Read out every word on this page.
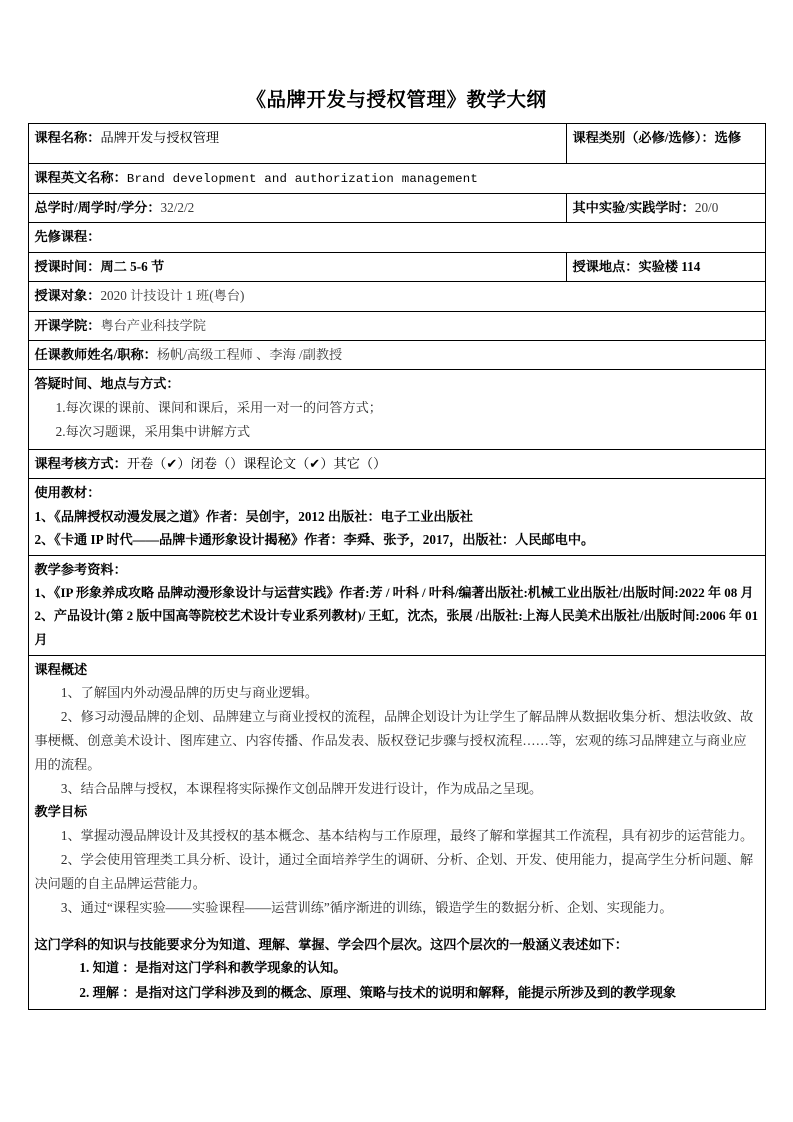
《品牌开发与授权管理》教学大纲
课程名称：品牌开发与授权管理	课程类别（必修/选修）：选修
课程英文名称：Brand development and authorization management	
总学时/周学时/学分：32/2/2	其中实验/实践学时：20/0
先修课程：	
授课时间：周二 5-6 节	授课地点：实验楼 114
授课对象：2020 计技设计 1 班(粤台)	
开课学院：粤台产业科技学院	
任课教师姓名/职称：杨帆/高级工程师 、李海 /副教授	

答疑时间、地点与方式：

1.每次课的课前、课间和课后，采用一对一的问答方式；

2.每次习题课，采用集中讲解方式	

课程考核方式：开卷（✔）闭卷（）课程论文（✔）其它（）	

使用教材：

1、《品牌授权动漫发展之道》作者：吴创宇，2012 出版社：电子工业出版社

2、《卡通 IP 时代——品牌卡通形象设计揭秘》作者：李舜、张予，2017，出版社：人民邮电中。	

教学参考资料：

1、《IP 形象养成攻略 品牌动漫形象设计与运营实践》作者:芳 / 叶科 / 叶科/编著出版社:机械工业出版社/出版时间:2022 年 08 月

2、产品设计(第 2 版中国高等院校艺术设计专业系列教材)/ 王虹，沈杰，张展 /出版社:上海人民美术出版社/出版时间:2006 年 01 月	

课程概述

1、了解国内外动漫品牌的历史与商业逻辑。

2、修习动漫品牌的企划、品牌建立与商业授权的流程，品牌企划设计为让学生了解品牌从数据收集分析、想法收敛、故事梗概、创意美术设计、图库建立、内容传播、作品发表、版权登记步骤与授权流程……等，宏观的练习品牌建立与商业应用的流程。

3、结合品牌与授权，本课程将实际操作文创品牌开发进行设计，作为成品之呈现。

教学目标

1、掌握动漫品牌设计及其授权的基本概念、基本结构与工作原理，最终了解和掌握其工作流程，具有初步的运营能力。

2、学会使用管理类工具分析、设计，通过全面培养学生的调研、分析、企划、开发、使用能力，提高学生分析问题、解决问题的自主品牌运营能力。

3、通过“课程实验——实验课程——运营训练”循序渐进的训练，锻造学生的数据分析、企划、实现能力。

这门学科的知识与技能要求分为知道、理解、掌握、学会四个层次。这四个层次的一般涵义表述如下：

1. 知道 ：是指对这门学科和教学现象的认知。

2. 理解 ：是指对这门学科涉及到的概念、原理、策略与技术的说明和解释，能提示所涉及到的教学现象
